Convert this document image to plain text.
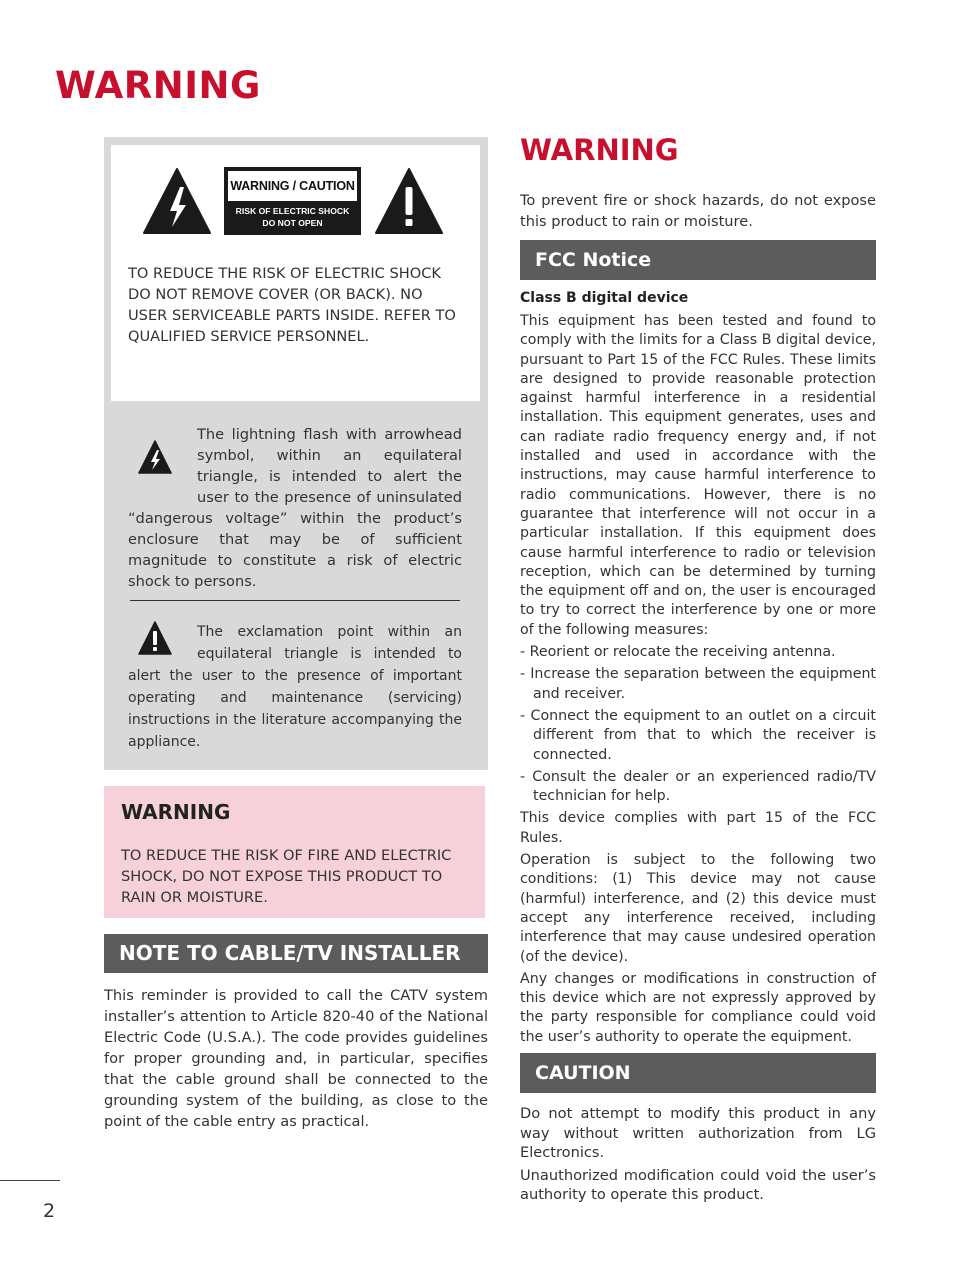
WARNING
WARNING / CAUTION
RISK OF ELECTRIC SHOCK
DO NOT OPEN

TO REDUCE THE RISK OF ELECTRIC SHOCK DO NOT REMOVE COVER (OR BACK). NO USER SERVICEABLE PARTS INSIDE. REFER TO QUALIFIED SERVICE PERSONNEL.

The lightning flash with arrowhead symbol, within an equilateral triangle, is intended to alert the user to the presence of uninsulated “dangerous voltage” within the product’s enclosure that may be of sufficient magnitude to constitute a risk of electric shock to persons.
The exclamation point within an equilateral triangle is intended to alert the user to the presence of important operating and maintenance (servicing) instructions in the literature accompanying the appliance.
WARNING

TO REDUCE THE RISK OF FIRE AND ELECTRIC SHOCK, DO NOT EXPOSE THIS PRODUCT TO RAIN OR MOISTURE.

NOTE TO CABLE/TV INSTALLER

This reminder is provided to call the CATV system installer’s attention to Article 820-40 of the National Electric Code (U.S.A.). The code provides guidelines for proper grounding and, in particular, specifies that the cable ground shall be connected to the grounding system of the building, as close to the point of the cable entry as practical.

2

WARNING

To prevent fire or shock hazards, do not expose this product to rain or moisture.

FCC Notice

Class B digital device

This equipment has been tested and found to comply with the limits for a Class B digital device, pursuant to Part 15 of the FCC Rules. These limits are designed to provide reasonable protection against harmful interference in a residential installation. This equipment generates, uses and can radiate radio frequency energy and, if not installed and used in accordance with the instructions, may cause harmful interference to radio communications. However, there is no guarantee that interference will not occur in a particular installation. If this equipment does cause harmful interference to radio or television reception, which can be determined by turning the equipment off and on, the user is encouraged to try to correct the interference by one or more of the following measures:

- Reorient or relocate the receiving antenna.
- Increase the separation between the equipment and receiver.
- Connect the equipment to an outlet on a circuit different from that to which the receiver is connected.
- Consult the dealer or an experienced radio/TV technician for help.

This device complies with part 15 of the FCC Rules.

Operation is subject to the following two conditions: (1) This device may not cause (harmful) interference, and (2) this device must accept any interference received, including interference that may cause undesired operation (of the device).

Any changes or modifications in construction of this device which are not expressly approved by the party responsible for compliance could void the user’s authority to operate the equipment.

CAUTION

Do not attempt to modify this product in any way without written authorization from LG Electronics.

Unauthorized modification could void the user’s authority to operate this product.
